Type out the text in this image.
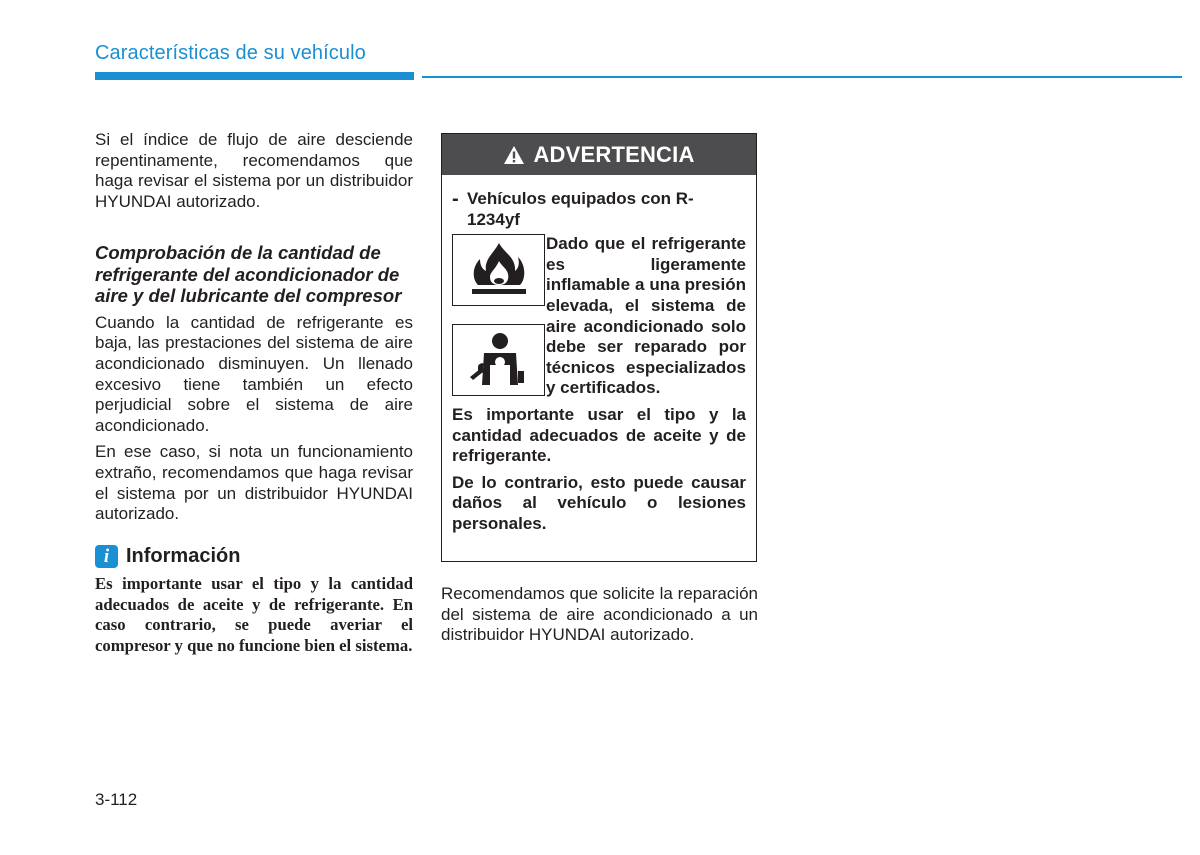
Características de su vehículo

Si el índice de flujo de aire desciende repentinamente, recomendamos que haga revisar el sistema por un distribuidor HYUNDAI autorizado.

Comprobación de la cantidad de refrigerante del acondicionador de aire y del lubricante del compresor

Cuando la cantidad de refrigerante es baja, las prestaciones del sistema de aire acondicionado disminuyen. Un llenado excesivo tiene también un efecto perjudicial sobre el sistema de aire acondicionado.

En ese caso, si nota un funcionamiento extraño, recomendamos que haga revisar el sistema por un distribuidor HYUNDAI autorizado.

i Información

Es importante usar el tipo y la cantidad adecuados de aceite y de refrigerante. En caso contrario, se puede averiar el compresor y que no funcione bien el sistema.

ADVERTENCIA
- Vehículos equipados con R-1234yf
Dado que el refrigerante es ligeramente inflamable a una presión elevada, el sistema de aire acondicionado solo debe ser reparado por técnicos especializados y certificados.

Es importante usar el tipo y la cantidad adecuados de aceite y de refrigerante.

De lo contrario, esto puede causar daños al vehículo o lesiones personales.

Recomendamos que solicite la reparación del sistema de aire acondicionado a un distribuidor HYUNDAI autorizado.

3-112
